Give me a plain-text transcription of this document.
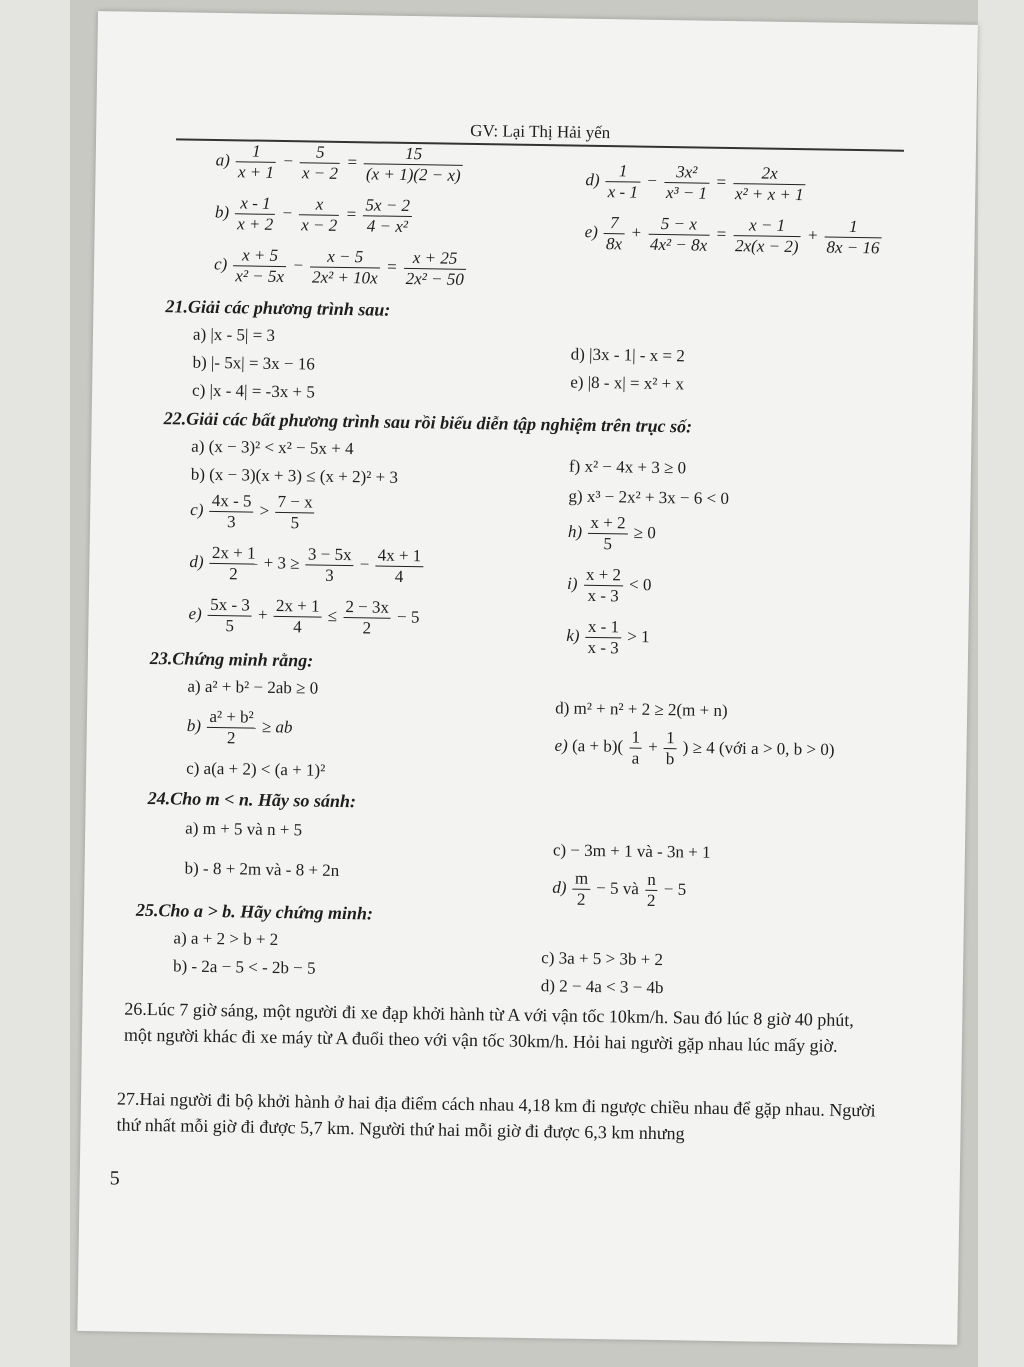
GV: Lại Thị Hải yến
$a) \frac{1}{x + 1} - \frac{5}{x - 2} = \frac{15}{(x + 1)(2 - x)}$
$b) \frac{x - 1}{x + 2} - \frac{x}{x - 2} = \frac{5x - 2}{\text{4 − x²}}$
$c) \frac{x + 5}{\text{x² − 5x}} - \frac{x - 5}{\text{2x² + 10x}} = \frac{x + 25}{\text{2x² − 50}}$
$d) \frac{1}{x - 1} - \frac{\text{3x²}}{\text{x³ − 1}} = \frac{2x}{\text{x² + x + 1}}$
$e) \frac{7}{8x} + \frac{5 - x}{\text{4x² − 8x}} = \frac{x - 1}{2x(x - 2)} + \frac{1}{8x - 16}$
21.Giải các phương trình sau:
a) |x - 5| = 3
b) |- 5x| = 3x − 16
c) |x - 4| = -3x + 5
d) |3x - 1| - x = 2
e) |8 - x| = x² + x
22.Giải các bất phương trình sau rồi biểu diễn tập nghiệm trên trục số:
a) (x − 3)² < x² − 5x + 4
b) (x − 3)(x + 3) ≤ (x + 2)² + 3
$c) \frac{4x - 5}{3} > \frac{7 - x}{5}$
$d) \frac{2x + 1}{2} + 3 \ge \frac{3 - 5x}{3} - \frac{4x + 1}{4}$
$e) \frac{5x - 3}{5} + \frac{2x + 1}{4} \le \frac{2 - 3x}{2} - 5$
f) x² − 4x + 3 ≥ 0
g) x³ − 2x² + 3x − 6 < 0
$h) \frac{x + 2}{5} \ge 0$
$i) \frac{x + 2}{x - 3} < 0$
$k) \frac{x - 1}{x - 3} > 1$
23.Chứng minh rằng:
a) a² + b² − 2ab ≥ 0
$b) \frac{\text{a² + b²}}{2}$ ≥ ab
c) a(a + 2) < (a + 1)²
d) m² + n² + 2 ≥ 2(m + n)
e) $(a + b)( \frac{1}{a} + \frac{1}{b}$ ) ≥ 4 (với a > 0, b > 0)
24.Cho m < n. Hãy so sánh:
a) m + 5 và n + 5
b) - 8 + 2m và - 8 + 2n
c) − 3m + 1 và - 3n + 1
$d) \frac{m}{2} - 5$ và $\frac{n}{2} - 5$
25.Cho a > b. Hãy chứng minh:
a) a + 2 > b + 2
b) - 2a − 5 < - 2b − 5	c) 3a + 5 > 3b + 2
d) 2 − 4a < 3 − 4b
26.Lúc 7 giờ sáng, một người đi xe đạp khởi hành từ A với vận tốc 10km/h. Sau đó lúc 8 giờ 40 phút, một người khác đi xe máy từ A đuổi theo với vận tốc 30km/h. Hỏi hai người gặp nhau lúc mấy giờ.
27.Hai người đi bộ khởi hành ở hai địa điểm cách nhau 4,18 km đi ngược chiều nhau để gặp nhau. Người thứ nhất mỗi giờ đi được 5,7 km. Người thứ hai mỗi giờ đi được 6,3 km nhưng
5
